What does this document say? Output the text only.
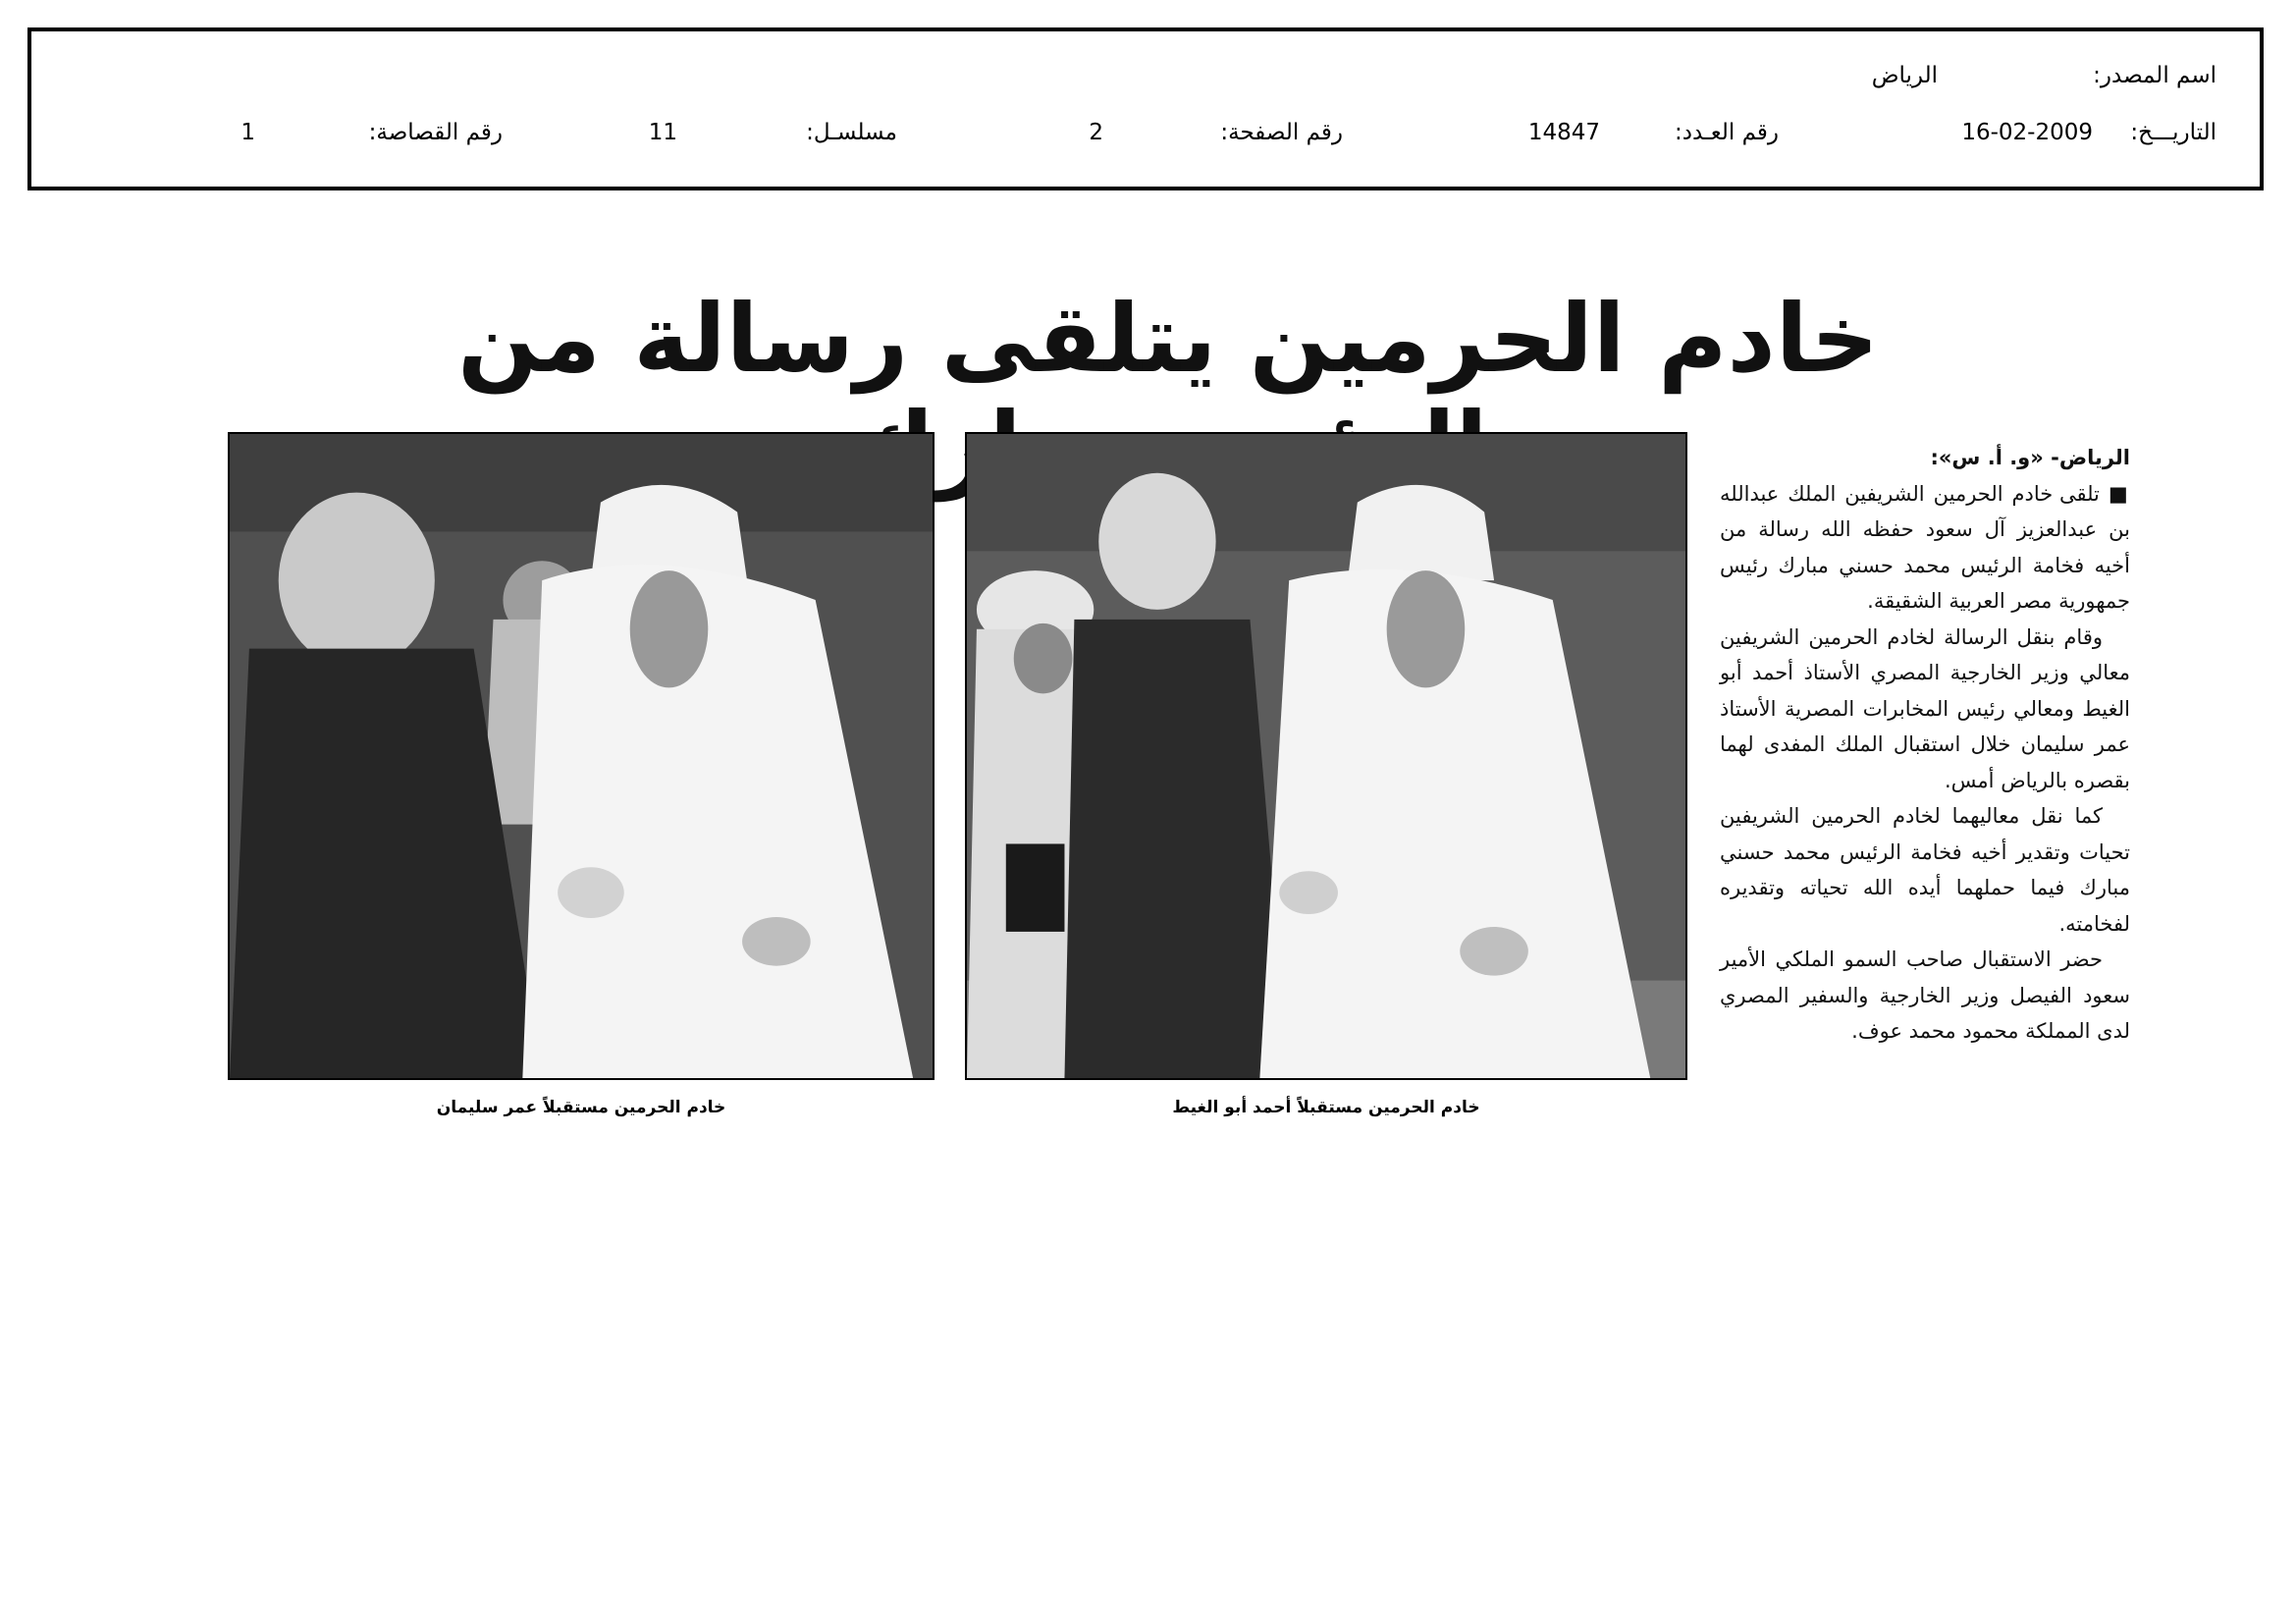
اسم المصدر:
الرياض
التاريـــخ:
16-02-2009
رقم العـدد:
14847
رقم الصفحة:
2
مسلسـل:
11
رقم القصاصة:
1
خادم الحرمين يتلقى رسالة من
خادم الحرمين مستقبلاً أحمد أبو الغيط
خادم الحرمين مستقبلاً عمر سليمان

الرياض- «و. أ. س»:

■ تلقى خادم الحرمين الشريفين الملك عبدالله بن عبدالعزيز آل سعود حفظه الله رسالة من أخيه فخامة الرئيس محمد حسني مبارك رئيس جمهورية مصر العربية الشقيقة.

وقام بنقل الرسالة لخادم الحرمين الشريفين معالي وزير الخارجية المصري الأستاذ أحمد أبو الغيط ومعالي رئيس المخابرات المصرية الأستاذ عمر سليمان خلال استقبال الملك المفدى لهما بقصره بالرياض أمس.

كما نقل معاليهما لخادم الحرمين الشريفين تحيات وتقدير أخيه فخامة الرئيس محمد حسني مبارك فيما حملهما أيده الله تحياته وتقديره لفخامته.

حضر الاستقبال صاحب السمو الملكي الأمير سعود الفيصل وزير الخارجية والسفير المصري لدى المملكة محمود محمد عوف.
